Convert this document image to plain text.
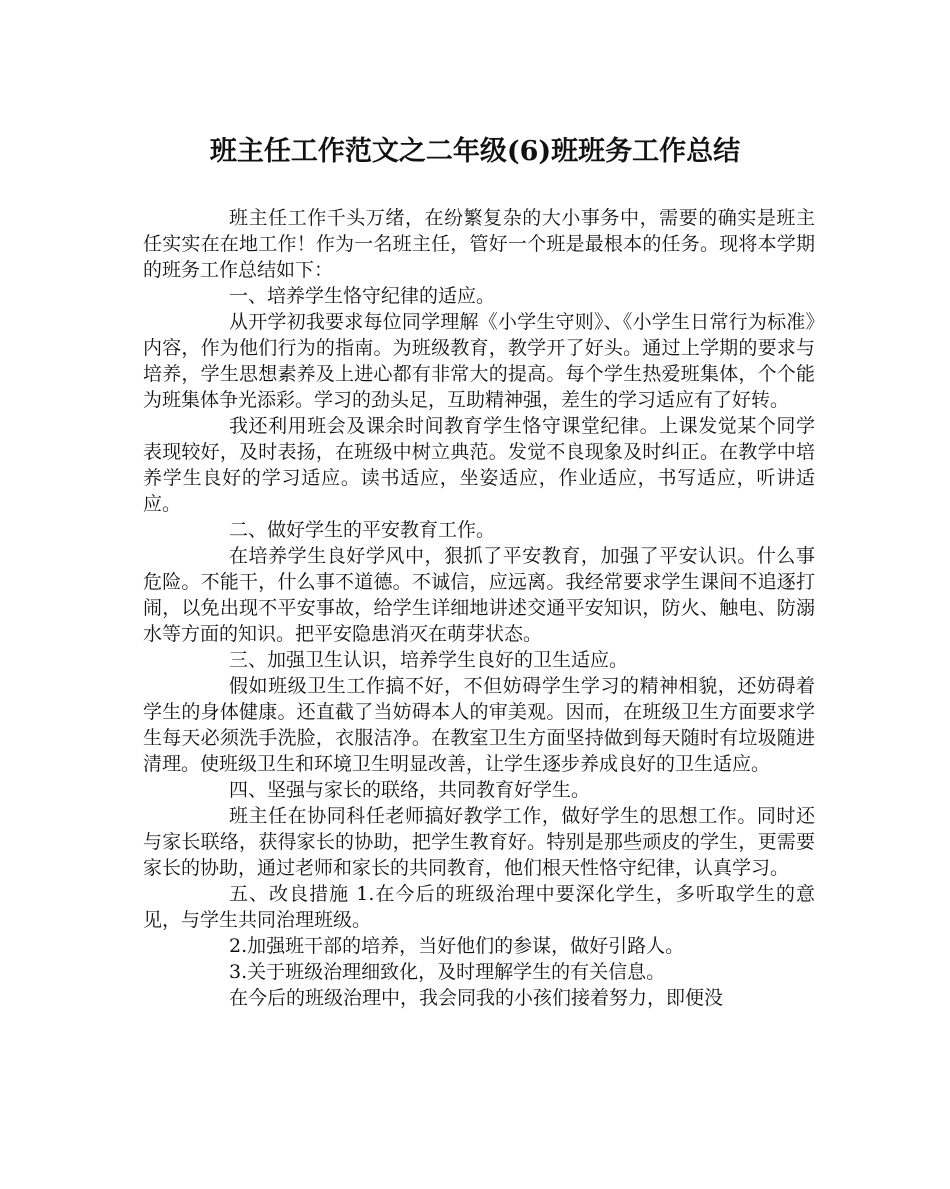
班主任工作范文之二年级(6)班班务工作总结

班主任工作千头万绪，在纷繁复杂的大小事务中，需要的确实是班主任实实在在地工作！作为一名班主任，管好一个班是最根本的任务。现将本学期的班务工作总结如下：

一、培养学生恪守纪律的适应。

从开学初我要求每位同学理解《小学生守则》、《小学生日常行为标准》内容，作为他们行为的指南。为班级教育，教学开了好头。通过上学期的要求与培养，学生思想素养及上进心都有非常大的提高。每个学生热爱班集体，个个能为班集体争光添彩。学习的劲头足，互助精神强，差生的学习适应有了好转。

我还利用班会及课余时间教育学生恪守课堂纪律。上课发觉某个同学表现较好，及时表扬，在班级中树立典范。发觉不良现象及时纠正。在教学中培养学生良好的学习适应。读书适应，坐姿适应，作业适应，书写适应，听讲适应。

二、做好学生的平安教育工作。

在培养学生良好学风中，狠抓了平安教育，加强了平安认识。什么事危险。不能干，什么事不道德。不诚信，应远离。我经常要求学生课间不追逐打闹，以免出现不平安事故，给学生详细地讲述交通平安知识，防火、触电、防溺水等方面的知识。把平安隐患消灭在萌芽状态。

三、加强卫生认识，培养学生良好的卫生适应。

假如班级卫生工作搞不好，不但妨碍学生学习的精神相貌，还妨碍着学生的身体健康。还直截了当妨碍本人的审美观。因而，在班级卫生方面要求学生每天必须洗手洗脸，衣服洁净。在教室卫生方面坚持做到每天随时有垃圾随进清理。使班级卫生和环境卫生明显改善，让学生逐步养成良好的卫生适应。

四、坚强与家长的联络，共同教育好学生。

班主任在协同科任老师搞好教学工作，做好学生的思想工作。同时还与家长联络，获得家长的协助，把学生教育好。特别是那些顽皮的学生，更需要家长的协助，通过老师和家长的共同教育，他们根天性恪守纪律，认真学习。

五、改良措施 1.在今后的班级治理中要深化学生，多听取学生的意见，与学生共同治理班级。

2.加强班干部的培养，当好他们的参谋，做好引路人。

3.关于班级治理细致化，及时理解学生的有关信息。

在今后的班级治理中，我会同我的小孩们接着努力，即便没
